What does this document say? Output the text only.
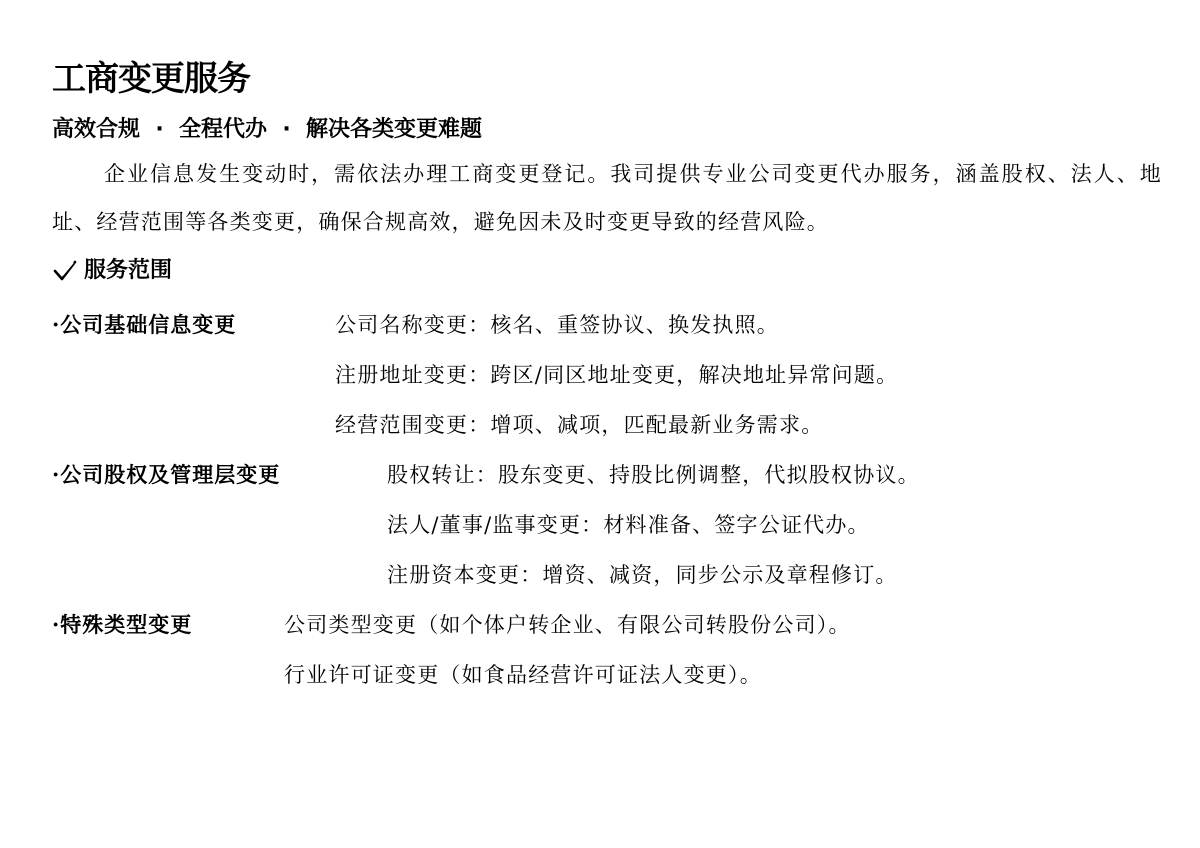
工商变更服务
高效合规  ·  全程代办  ·  解决各类变更难题

企业信息发生变动时，需依法办理工商变更登记。我司提供专业公司变更代办服务，涵盖股权、法人、地址、经营范围等各类变更，确保合规高效，避免因未及时变更导致的经营风险。

服务范围
·公司基础信息变更	公司名称变更：核名、重签协议、换发执照。
注册地址变更：跨区/同区地址变更，解决地址异常问题。
经营范围变更：增项、减项，匹配最新业务需求。
·公司股权及管理层变更	股权转让：股东变更、持股比例调整，代拟股权协议。
法人/董事/监事变更：材料准备、签字公证代办。
注册资本变更：增资、减资，同步公示及章程修订。
·特殊类型变更	公司类型变更（如个体户转企业、有限公司转股份公司）。
行业许可证变更（如食品经营许可证法人变更）。
